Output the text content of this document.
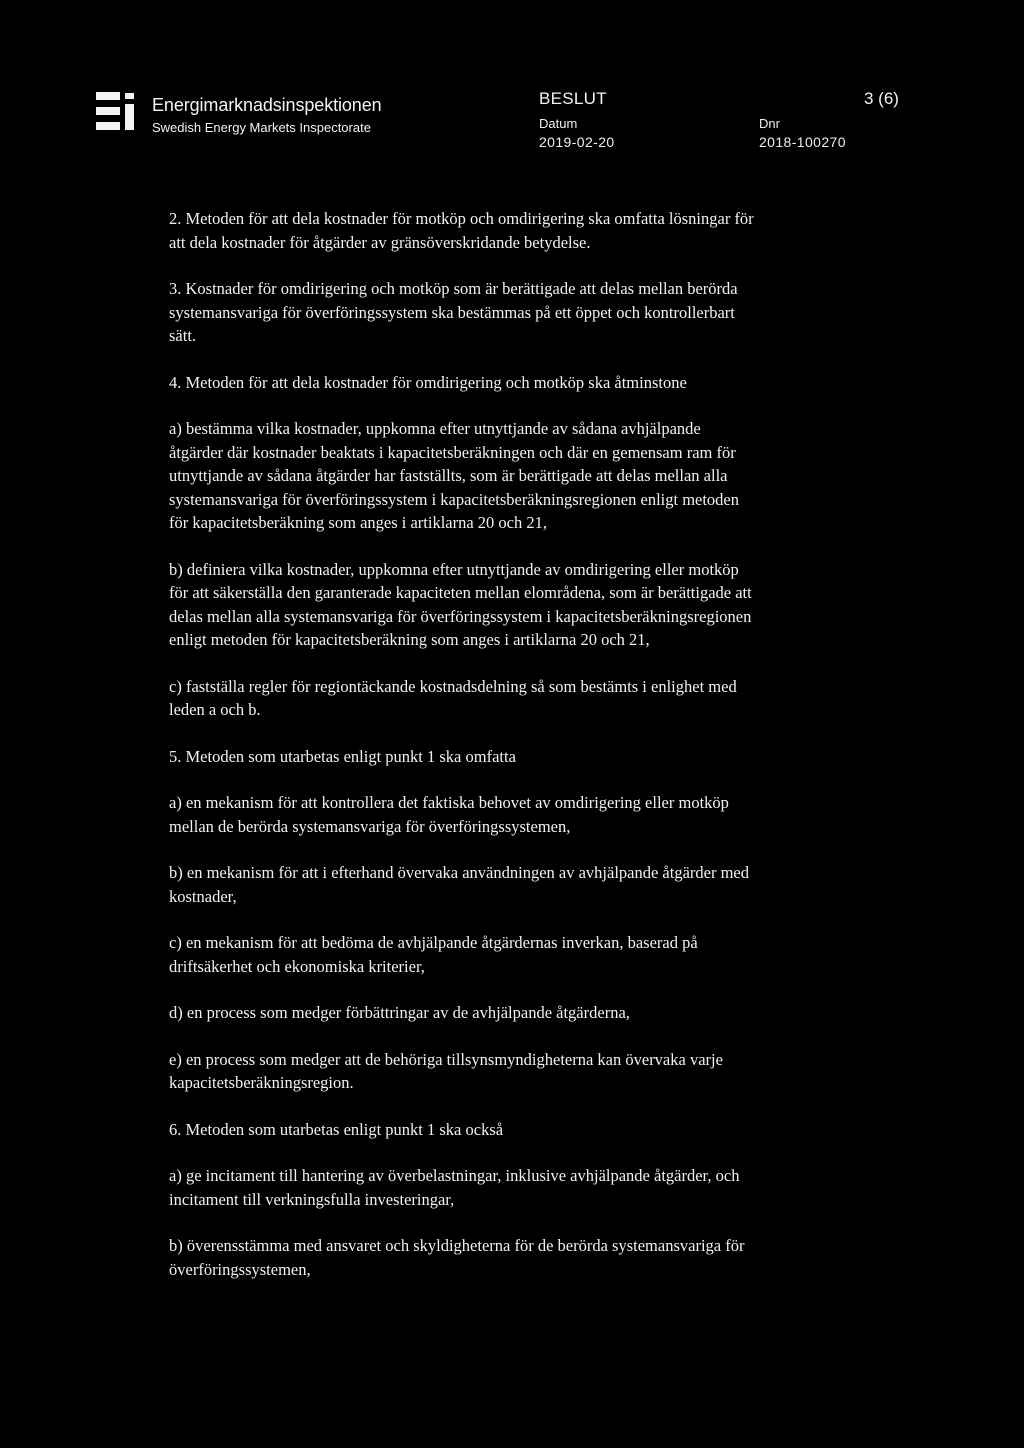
Energimarknadsinspektionen
Swedish Energy Markets Inspectorate
BESLUT	3 (6)
Datum
2019-02-20
Dnr
2018-100270

2. Metoden för att dela kostnader för motköp och omdirigering ska omfatta lösningar för
att dela kostnader för åtgärder av gränsöverskridande betydelse.

3. Kostnader för omdirigering och motköp som är berättigade att delas mellan berörda
systemansvariga för överföringssystem ska bestämmas på ett öppet och kontrollerbart
sätt.

4. Metoden för att dela kostnader för omdirigering och motköp ska åtminstone

a) bestämma vilka kostnader, uppkomna efter utnyttjande av sådana avhjälpande
åtgärder där kostnader beaktats i kapacitetsberäkningen och där en gemensam ram för
utnyttjande av sådana åtgärder har fastställts, som är berättigade att delas mellan alla
systemansvariga för överföringssystem i kapacitetsberäkningsregionen enligt metoden
för kapacitetsberäkning som anges i artiklarna 20 och 21,

b) definiera vilka kostnader, uppkomna efter utnyttjande av omdirigering eller motköp
för att säkerställa den garanterade kapaciteten mellan elområdena, som är berättigade att
delas mellan alla systemansvariga för överföringssystem i kapacitetsberäkningsregionen
enligt metoden för kapacitetsberäkning som anges i artiklarna 20 och 21,

c) fastställa regler för regiontäckande kostnadsdelning så som bestämts i enlighet med
leden a och b.

5. Metoden som utarbetas enligt punkt 1 ska omfatta

a) en mekanism för att kontrollera det faktiska behovet av omdirigering eller motköp
mellan de berörda systemansvariga för överföringssystemen,

b) en mekanism för att i efterhand övervaka användningen av avhjälpande åtgärder med
kostnader,

c) en mekanism för att bedöma de avhjälpande åtgärdernas inverkan, baserad på
driftsäkerhet och ekonomiska kriterier,

d) en process som medger förbättringar av de avhjälpande åtgärderna,

e) en process som medger att de behöriga tillsynsmyndigheterna kan övervaka varje
kapacitetsberäkningsregion.

6. Metoden som utarbetas enligt punkt 1 ska också

a) ge incitament till hantering av överbelastningar, inklusive avhjälpande åtgärder, och
incitament till verkningsfulla investeringar,

b) överensstämma med ansvaret och skyldigheterna för de berörda systemansvariga för
överföringssystemen,
